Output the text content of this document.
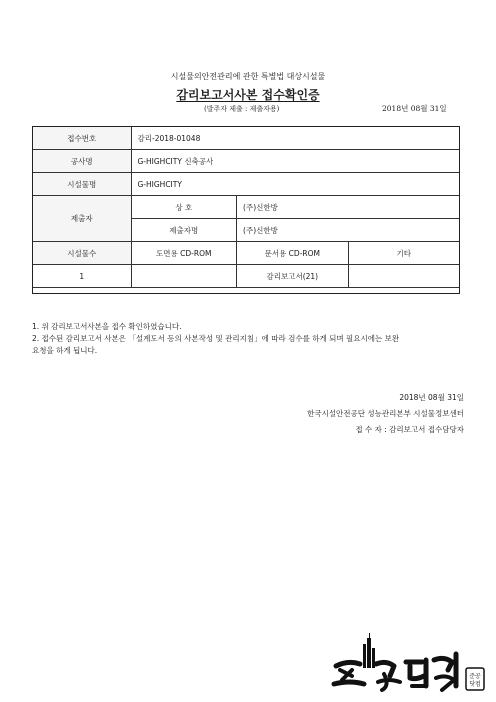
시설물의안전관리에 관한 특별법 대상시설물
감리보고서사본 접수확인증
(발주자 제출 : 제출자용)	2018년 08월 31일
접수번호	감리-2018-01048		
공사명	G-HIGHCITY 신축공사		
시설물명	G-HIGHCITY		
제출자	상 호	(주)신한방	
	제출자명	(주)신한방	
시설물수	도면용 CD-ROM	문서용 CD-ROM	기타
1		감리보고서(21)	

1. 위 감리보고서사본을 접수 확인하였습니다.

2. 접수된 감리보고서 사본은 「설계도서 등의 사본작성 및 관리지침」에 따라 검수를 하게 되며 필요시에는 보완

요청을 하게 됩니다.

2018년 08월 31일
한국시설안전공단 성능관리본부 시설물정보센터
접 수 자 : 감리보고서 접수담당자
준공
닷컴
